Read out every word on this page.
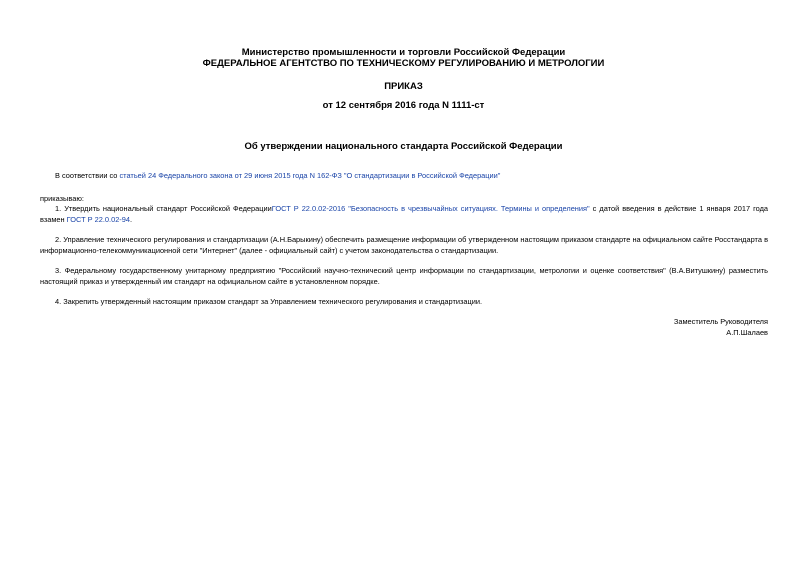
Министерство промышленности и торговли Российской Федерации
ФЕДЕРАЛЬНОЕ АГЕНТСТВО ПО ТЕХНИЧЕСКОМУ РЕГУЛИРОВАНИЮ И МЕТРОЛОГИИ
ПРИКАЗ
от 12 сентября 2016 года N 1111-ст
Об утверждении национального стандарта Российской Федерации
В соответствии со статьей 24 Федерального закона от 29 июня 2015 года N 162-ФЗ "О стандартизации в Российской Федерации"
приказываю:
1. Утвердить национальный стандарт Российской ФедерацииГОСТ Р 22.0.02-2016 "Безопасность в чрезвычайных ситуациях. Термины и определения" с датой введения в действие 1 января 2017 года взамен ГОСТ Р 22.0.02-94.
2. Управление технического регулирования и стандартизации (А.Н.Барыкину) обеспечить размещение информации об утвержденном настоящим приказом стандарте на официальном сайте Росстандарта в информационно-телекоммуникационной сети "Интернет" (далее - официальный сайт) с учетом законодательства о стандартизации.
3. Федеральному государственному унитарному предприятию "Российский научно-технический центр информации по стандартизации, метрологии и оценке соответствия" (В.А.Витушкину) разместить настоящий приказ и утвержденный им стандарт на официальном сайте в установленном порядке.
4. Закрепить утвержденный настоящим приказом стандарт за Управлением технического регулирования и стандартизации.
Заместитель Руководителя
А.П.Шалаев
